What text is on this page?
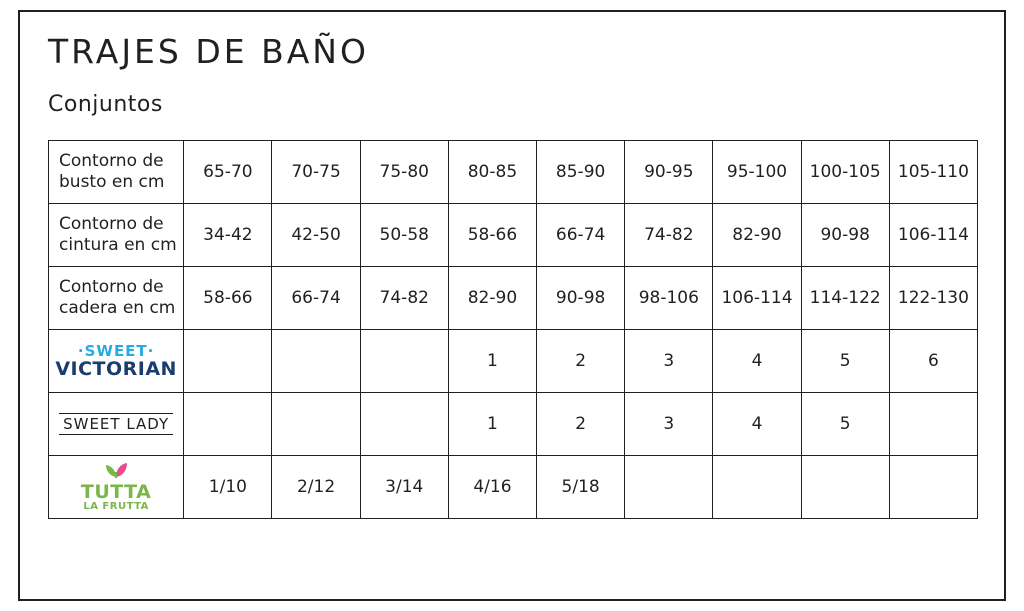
TRAJES DE BAÑO
Conjuntos
Contorno de busto en cm	65-70	70-75	75-80	80-85	85-90	90-95	95-100	100-105	105-110
Contorno de cintura en cm	34-42	42-50	50-58	58-66	66-74	74-82	82-90	90-98	106-114
Contorno de cadera en cm	58-66	66-74	74-82	82-90	90-98	98-106	106-114	114-122	122-130

·SWEET·
VICTORIAN				1	2	3	4	5	6

SWEET LADY				1	2	3	4	5	

TUTTA
LA FRUTTA	1/10	2/12	3/14	4/16	5/18				
